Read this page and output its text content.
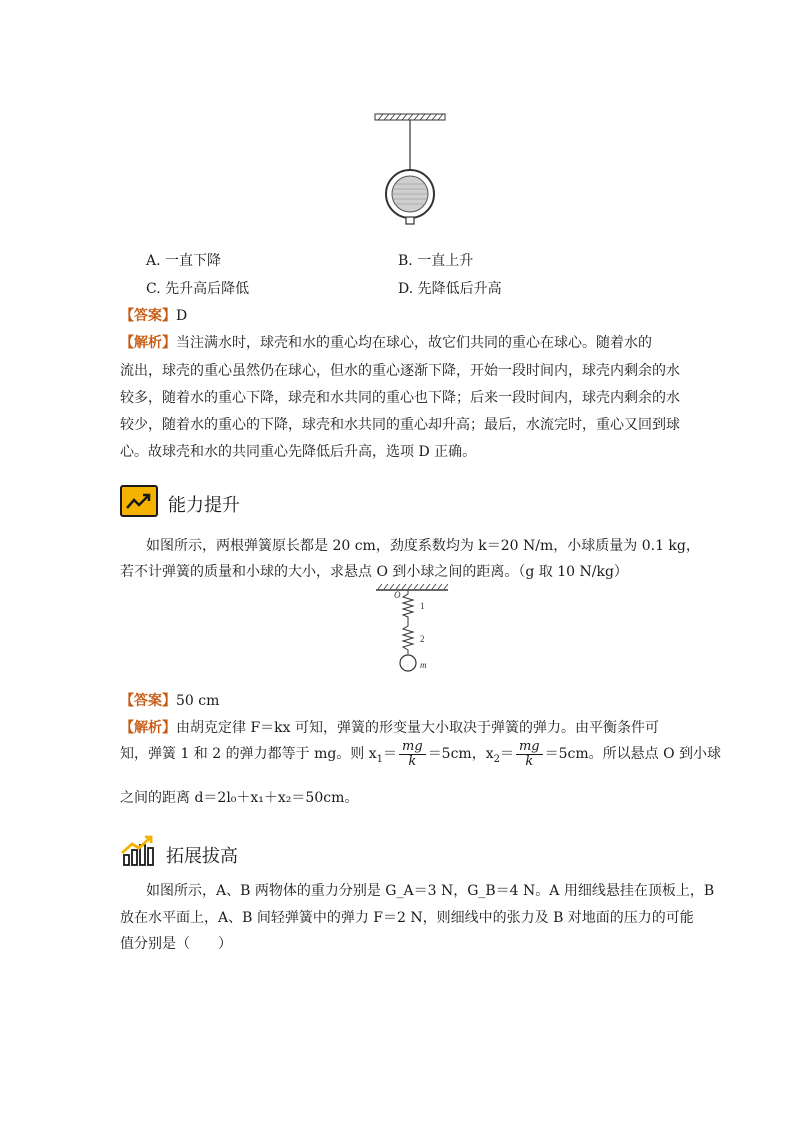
A. 一直下降	B. 一直上升
C. 先升高后降低	D. 先降低后升高
【答案】D
【解析】当注满水时，球壳和水的重心均在球心，故它们共同的重心在球心。随着水的
流出，球壳的重心虽然仍在球心，但水的重心逐渐下降，开始一段时间内，球壳内剩余的水
较多，随着水的重心下降，球壳和水共同的重心也下降；后来一段时间内，球壳内剩余的水
较少，随着水的重心的下降，球壳和水共同的重心却升高；最后，水流完时，重心又回到球
心。故球壳和水的共同重心先降低后升高，选项 D 正确。
能力提升
如图所示，两根弹簧原长都是 20 cm，劲度系数均为 k＝20 N/m，小球质量为 0.1 kg，
若不计弹簧的质量和小球的大小，求悬点 O 到小球之间的距离。（g 取 10 N/kg）
O
1
2
m
【答案】50 cm
【解析】由胡克定律 F＝kx 可知，弹簧的形变量大小取决于弹簧的弹力。由平衡条件可
知，弹簧 1 和 2 的弹力都等于 mg。则 $x_1= \frac{mg}{k} =5cm$，$x_2= \frac{mg}{k} =5cm$。所以悬点 O 到小球
之间的距离 d＝2l₀＋x₁＋x₂＝50cm。
拓展拔高
如图所示，A、B 两物体的重力分别是 G_A＝3 N，G_B＝4 N。A 用细线悬挂在顶板上，B
放在水平面上，A、B 间轻弹簧中的弹力 F＝2 N，则细线中的张力及 B 对地面的压力的可能
值分别是（　　）
